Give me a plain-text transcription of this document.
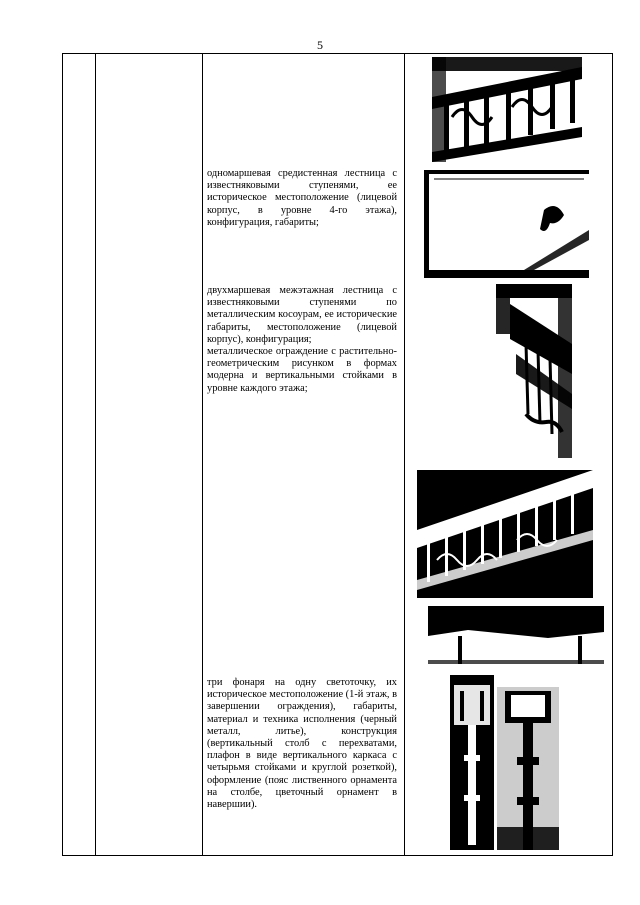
5

одномаршевая средистенная лестница с известняковыми ступенями, ее историческое местоположение (лицевой корпус, в уровне 4-го этажа), конфигурация, габариты;

двухмаршевая межэтажная лестница с известняковыми ступенями по металлическим косоурам, ее исторические габариты, местоположение (лицевой корпус), конфигурация;

металлическое ограждение с растительно-геометрическим рисунком в формах модерна и вертикальными стойками в уровне каждого этажа;

три фонаря на одну светоточку, их историческое местоположение (1-й этаж, в завершении ограждения), габариты, материал и техника исполнения (черный металл, литье), конструкция (вертикальный столб с перехватами, плафон в виде вертикального каркаса с четырьмя стойками и круглой розеткой), оформление (пояс лиственного орнамента на столбе, цветочный орнамент в навершии).
